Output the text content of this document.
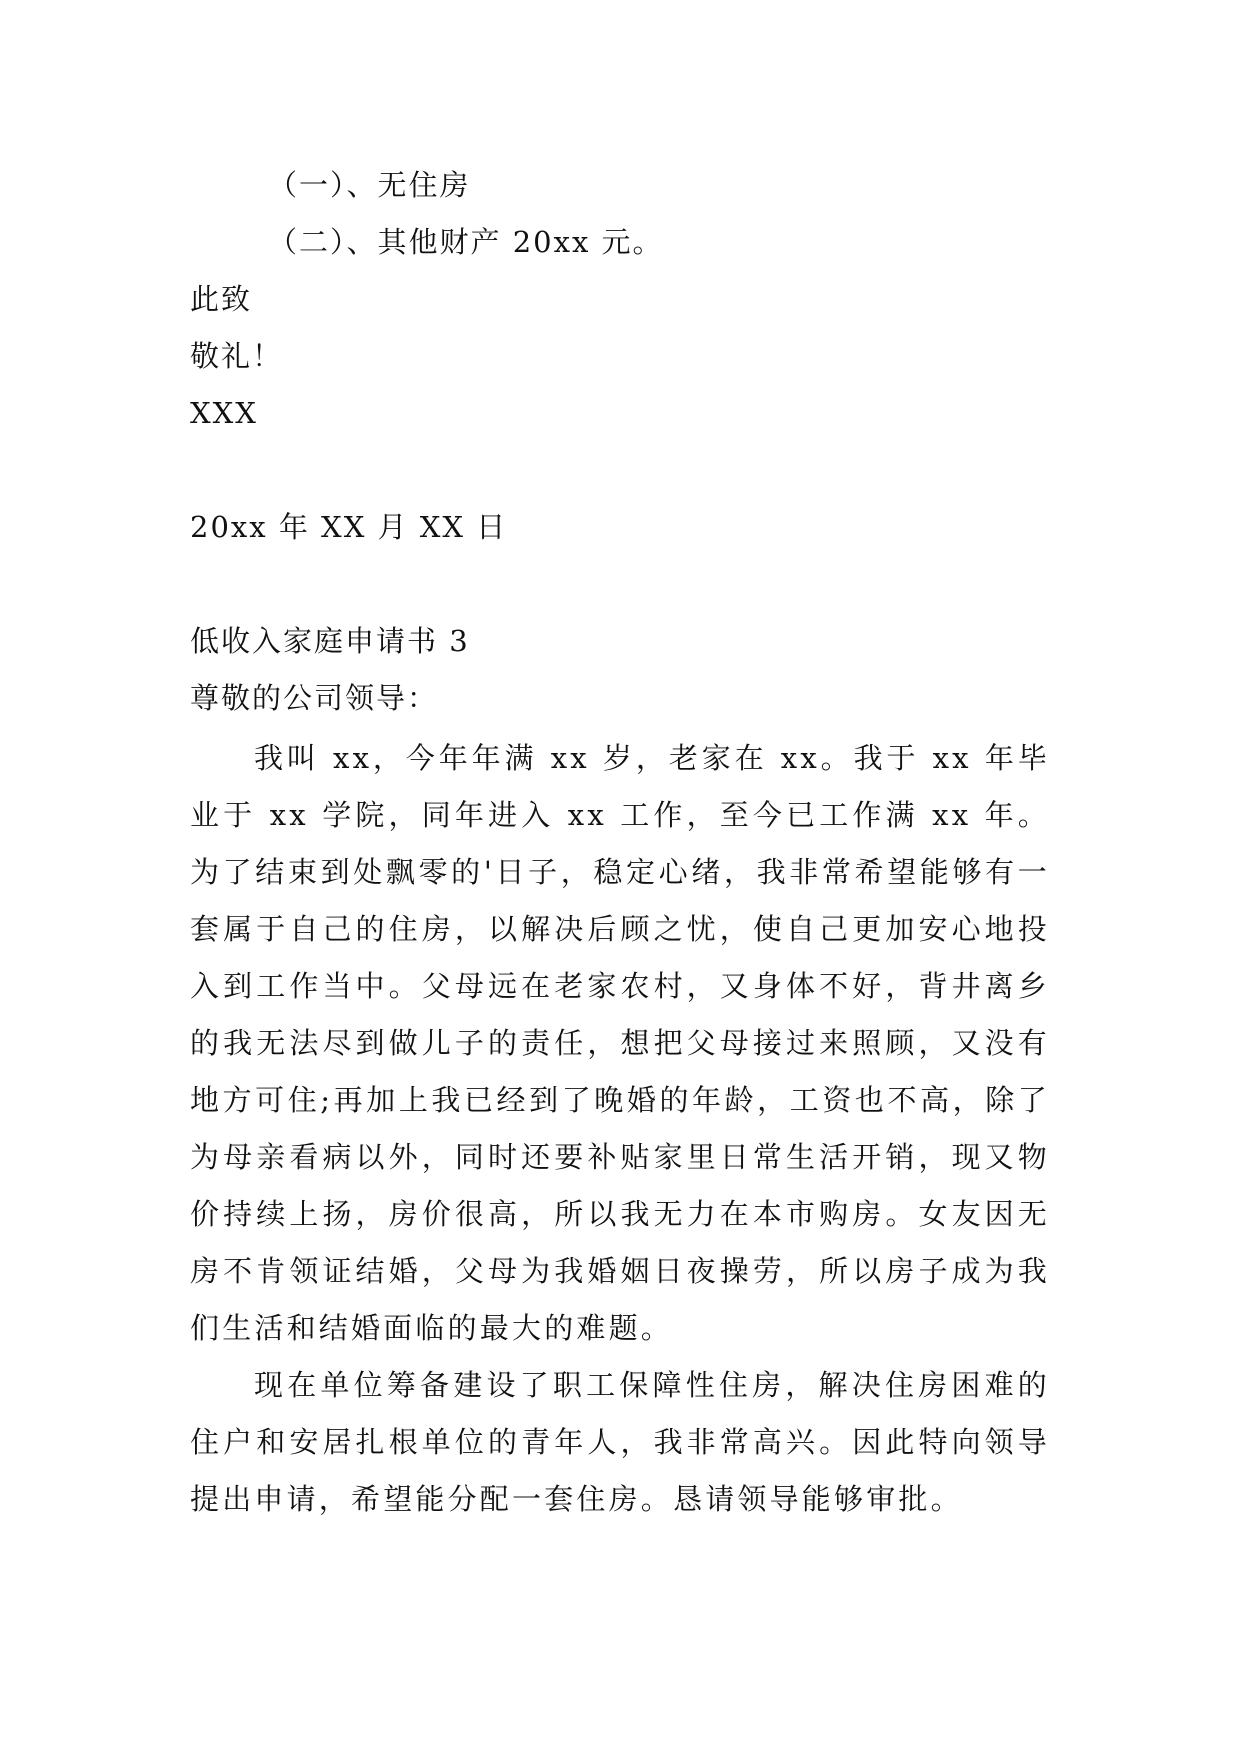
（一）、无住房
（二）、其他财产 20xx 元。
此致
敬礼！
XXX
20xx 年 XX 月 XX 日
低收入家庭申请书 3
尊敬的公司领导：

我叫 xx，今年年满 xx 岁，老家在 xx。我于 xx 年毕业于 xx 学院，同年进入 xx 工作，至今已工作满 xx 年。为了结束到处飘零的'日子，稳定心绪，我非常希望能够有一套属于自己的住房，以解决后顾之忧，使自己更加安心地投入到工作当中。父母远在老家农村，又身体不好，背井离乡的我无法尽到做儿子的责任，想把父母接过来照顾，又没有地方可住;再加上我已经到了晚婚的年龄，工资也不高，除了为母亲看病以外，同时还要补贴家里日常生活开销，现又物价持续上扬，房价很高，所以我无力在本市购房。女友因无房不肯领证结婚，父母为我婚姻日夜操劳，所以房子成为我们生活和结婚面临的最大的难题。

现在单位筹备建设了职工保障性住房，解决住房困难的住户和安居扎根单位的青年人，我非常高兴。因此特向领导提出申请，希望能分配一套住房。恳请领导能够审批。
